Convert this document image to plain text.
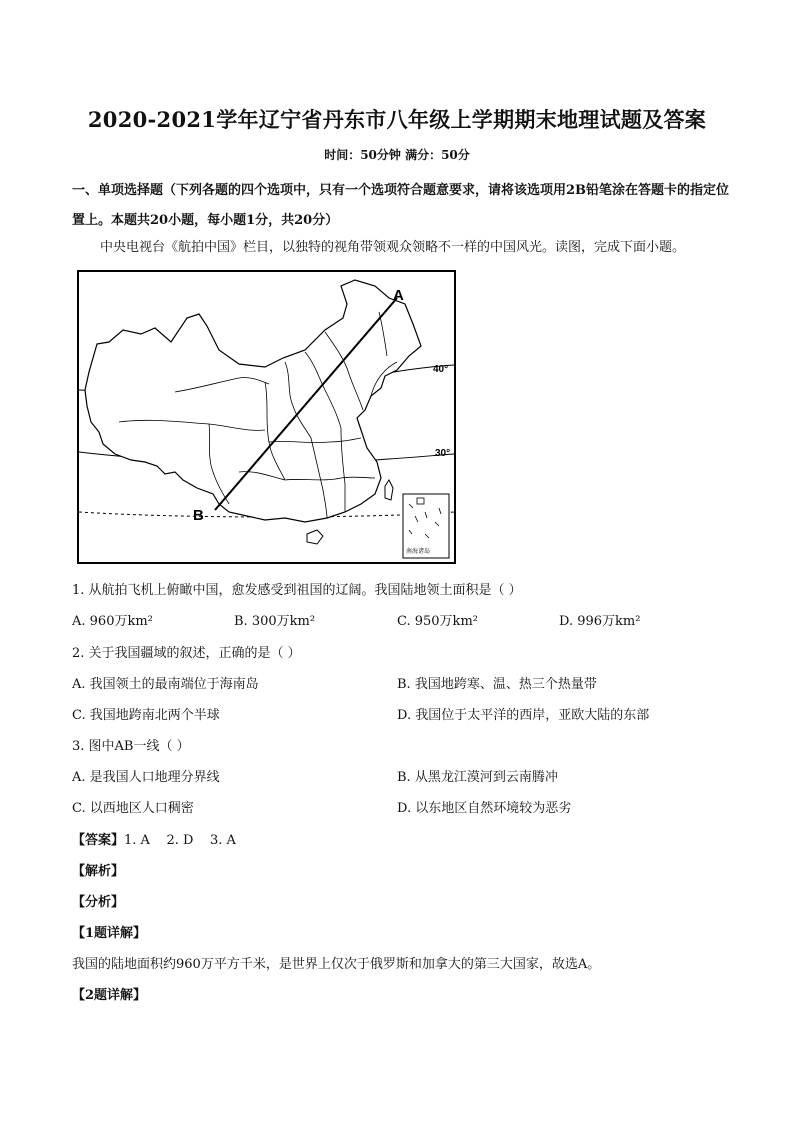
2020-2021学年辽宁省丹东市八年级上学期期末地理试题及答案
时间：50分钟 满分：50分
一、单项选择题（下列各题的四个选项中，只有一个选项符合题意要求，请将该选项用2B铅笔涂在答题卡的指定位置上。本题共20小题，每小题1分，共20分）
中央电视台《航拍中国》栏目，以独特的视角带领观众领略不一样的中国风光。读图，完成下面小题。
A
B
40°
30°
南海诸岛
1. 从航拍飞机上俯瞰中国，愈发感受到祖国的辽阔。我国陆地领土面积是（ ）
A. 960万km²	B. 300万km²	C. 950万km²	D. 996万km²
2. 关于我国疆域的叙述，正确的是（ ）
A. 我国领土的最南端位于海南岛	B. 我国地跨寒、温、热三个热量带
C. 我国地跨南北两个半球	D. 我国位于太平洋的西岸，亚欧大陆的东部
3. 图中AB一线（ ）
A. 是我国人口地理分界线	B. 从黑龙江漠河到云南腾冲
C. 以西地区人口稠密	D. 以东地区自然环境较为恶劣
【答案】1. A    2. D    3. A
【解析】
【分析】
【1题详解】
我国的陆地面积约960万平方千米，是世界上仅次于俄罗斯和加拿大的第三大国家，故选A。
【2题详解】
